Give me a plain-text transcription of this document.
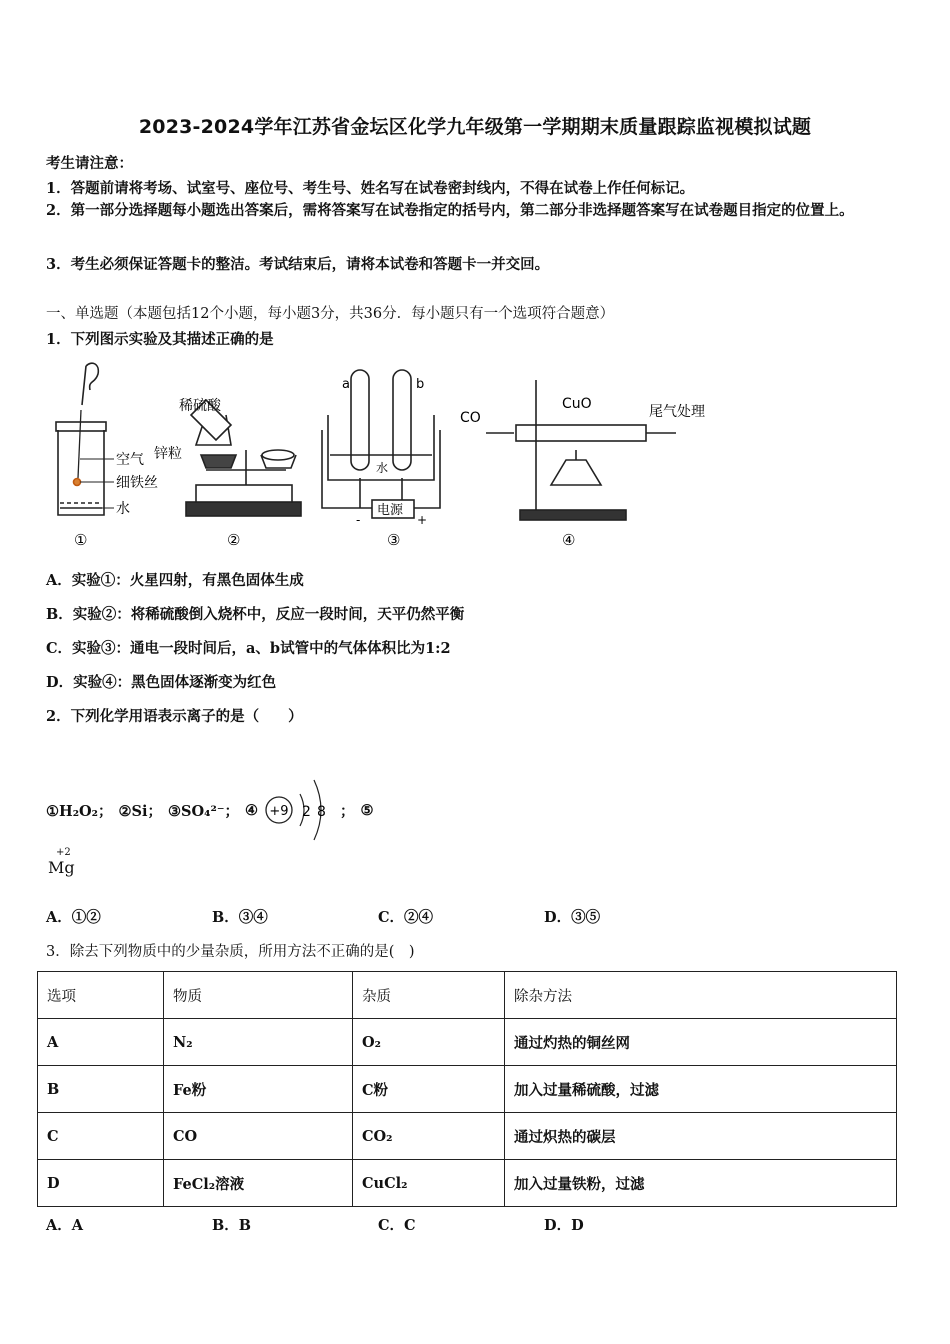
2023-2024学年江苏省金坛区化学九年级第一学期期末质量跟踪监视模拟试题
考生请注意：
1．答题前请将考场、试室号、座位号、考生号、姓名写在试卷密封线内，不得在试卷上作任何标记。
2．第一部分选择题每小题选出答案后，需将答案写在试卷指定的括号内，第二部分非选择题答案写在试卷题目指定的位置上。
3．考生必须保证答题卡的整洁。考试结束后，请将本试卷和答题卡一并交回。
一、单选题（本题包括12个小题，每小题3分，共36分．每小题只有一个选项符合题意）
1．下列图示实验及其描述正确的是
空气
细铁丝
水
稀硫酸
锌粒
a	b
电源
-	+
水
CO
CuO	尾气处理
①	②	③	④
A．实验①：火星四射，有黑色固体生成
B．实验②：将稀硫酸倒入烧杯中，反应一段时间，天平仍然平衡
C．实验③：通电一段时间后，a、b试管中的气体体积比为1:2
D．实验④：黑色固体逐渐变为红色
2．下列化学用语表示离子的是（　　）
①H₂O₂； ②Si； ③SO₄²⁻； ④ +9 2 8 ； ⑤
+2
Mg
A．①②	B．③④	C．②④	D．③⑤
3．除去下列物质中的少量杂质，所用方法不正确的是(　)
选项	物质	杂质	除杂方法
A	N₂	O₂	通过灼热的铜丝网
B	Fe粉	C粉	加入过量稀硫酸，过滤
C	CO	CO₂	通过炽热的碳层
D	FeCl₂溶液	CuCl₂	加入过量铁粉，过滤
A．A	B．B	C．C	D．D
